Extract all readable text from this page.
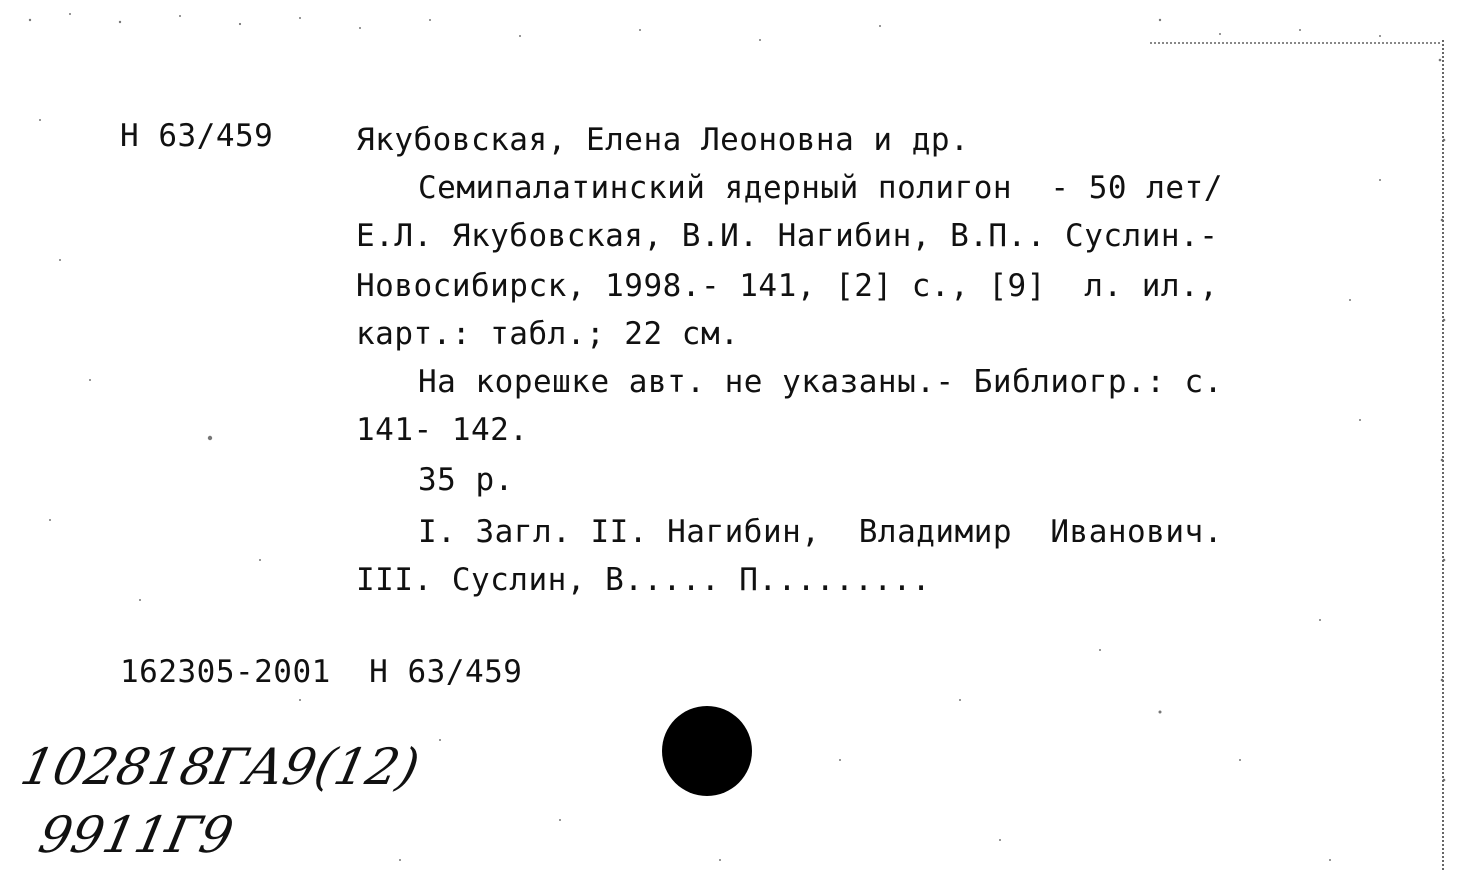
Н 63/459	Якубовская, Елена Леоновна и др.
Семипалатинский ядерный полигон  - 50 лет/
Е.Л. Якубовская, В.И. Нагибин, В.П.. Суслин.-
Новосибирск, 1998.- 141, [2] с., [9]  л. ил.,
карт.: табл.; 22 см.
На корешке авт. не указаны.- Библиогр.: с.
141- 142.
35 р.
I. Загл. II. Нагибин,  Владимир  Иванович.
III. Суслин, В..... П.........
162305-2001  Н 63/459
102818ГА9(12)
9911Г9
